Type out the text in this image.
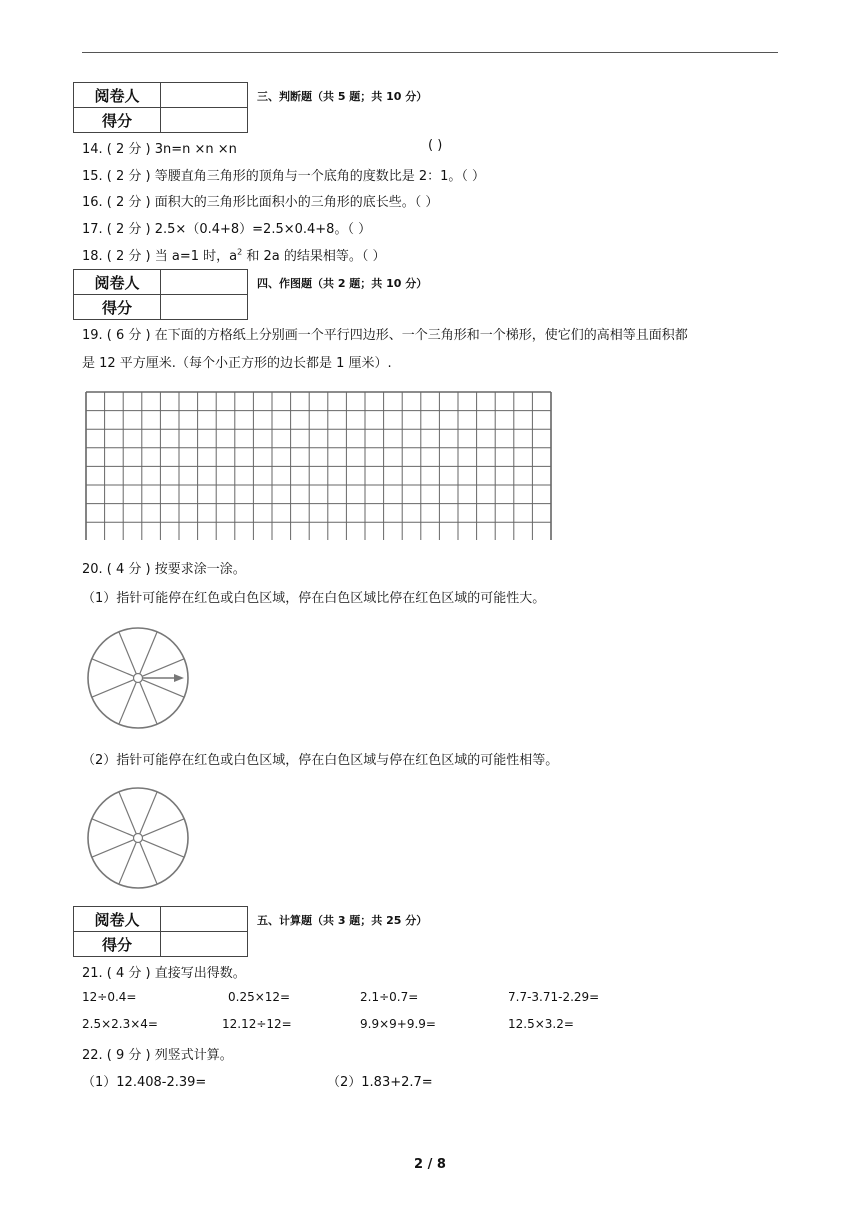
阅卷人	
得分	
三、判断题（共 5 题；共 10 分）
14. ( 2 分 ) 3n=n ×n ×n	( )
15. ( 2 分 ) 等腰直角三角形的顶角与一个底角的度数比是 2：1。（ ）
16. ( 2 分 ) 面积大的三角形比面积小的三角形的底长些。（ ）
17. ( 2 分 ) 2.5×（0.4+8）=2.5×0.4+8。（ ）
18. ( 2 分 ) 当 a=1 时，$a^2$ 和 2a 的结果相等。（ ）
阅卷人	
得分	
四、作图题（共 2 题；共 10 分）
19. ( 6 分 ) 在下面的方格纸上分别画一个平行四边形、一个三角形和一个梯形，使它们的高相等且面积都
是 12 平方厘米.（每个小正方形的边长都是 1 厘米）.
20. ( 4 分 ) 按要求涂一涂。
（1）指针可能停在红色或白色区域，停在白色区域比停在红色区域的可能性大。
（2）指针可能停在红色或白色区域，停在白色区域与停在红色区域的可能性相等。
阅卷人	
得分	
五、计算题（共 3 题；共 25 分）
21. ( 4 分 ) 直接写出得数。
12÷0.4=	0.25×12=	2.1÷0.7=	7.7-3.71-2.29=
2.5×2.3×4=	12.12÷12=	9.9×9+9.9=	12.5×3.2=
22. ( 9 分 ) 列竖式计算。
（1）12.408-2.39=	（2）1.83+2.7=
2 / 8
